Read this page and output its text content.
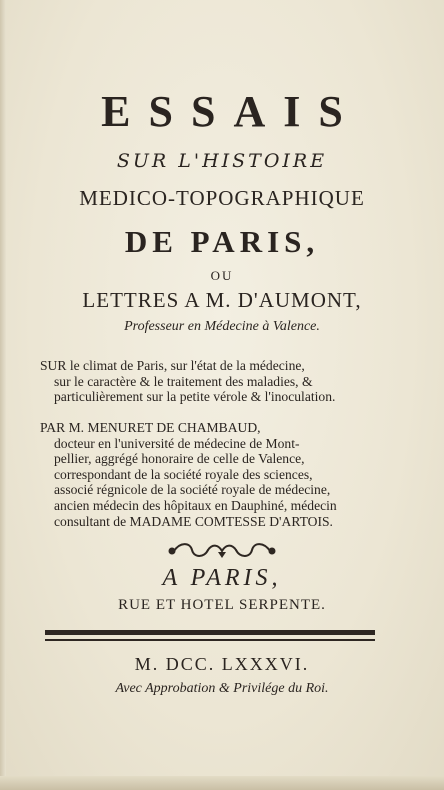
ESSAIS
SUR L'HISTOIRE
MEDICO-TOPOGRAPHIQUE
DE PARIS,
OU
LETTRES A M. D'AUMONT,
Professeur en Médecine à Valence.
SUR le climat de Paris, sur l'état de la médecine,
sur le caractère & le traitement des maladies, &
particulièrement sur la petite vérole & l'inoculation.
PAR M. MENURET DE CHAMBAUD,
docteur en l'université de médecine de Mont-
pellier, aggrégé honoraire de celle de Valence,
correspondant de la société royale des sciences,
associé régnicole de la société royale de médecine,
ancien médecin des hôpitaux en Dauphiné, médecin
consultant de MADAME COMTESSE D'ARTOIS.
A PARIS,
RUE ET HOTEL SERPENTE.
M. DCC. LXXXVI.
Avec Approbation & Privilége du Roi.
